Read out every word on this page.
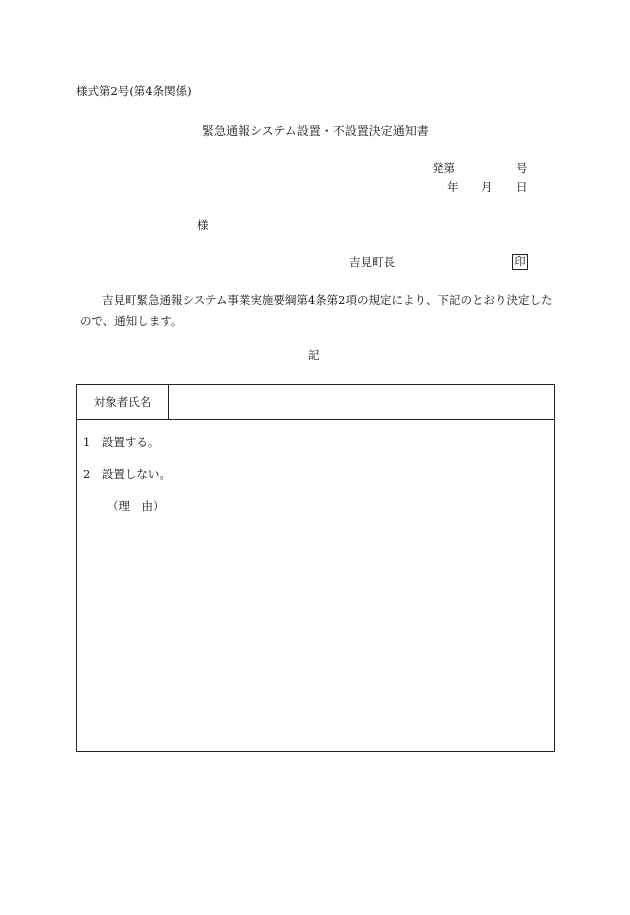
様式第2号(第4条関係)
緊急通報システム設置・不設置決定通知書
発第	号
年 月 日
様
吉見町長	印
吉見町緊急通報システム事業実施要綱第4条第2項の規定により、下記のとおり決定したので、通知します。
記
対象者氏名
1　設置する。
2　設置しない。
（理　由）
